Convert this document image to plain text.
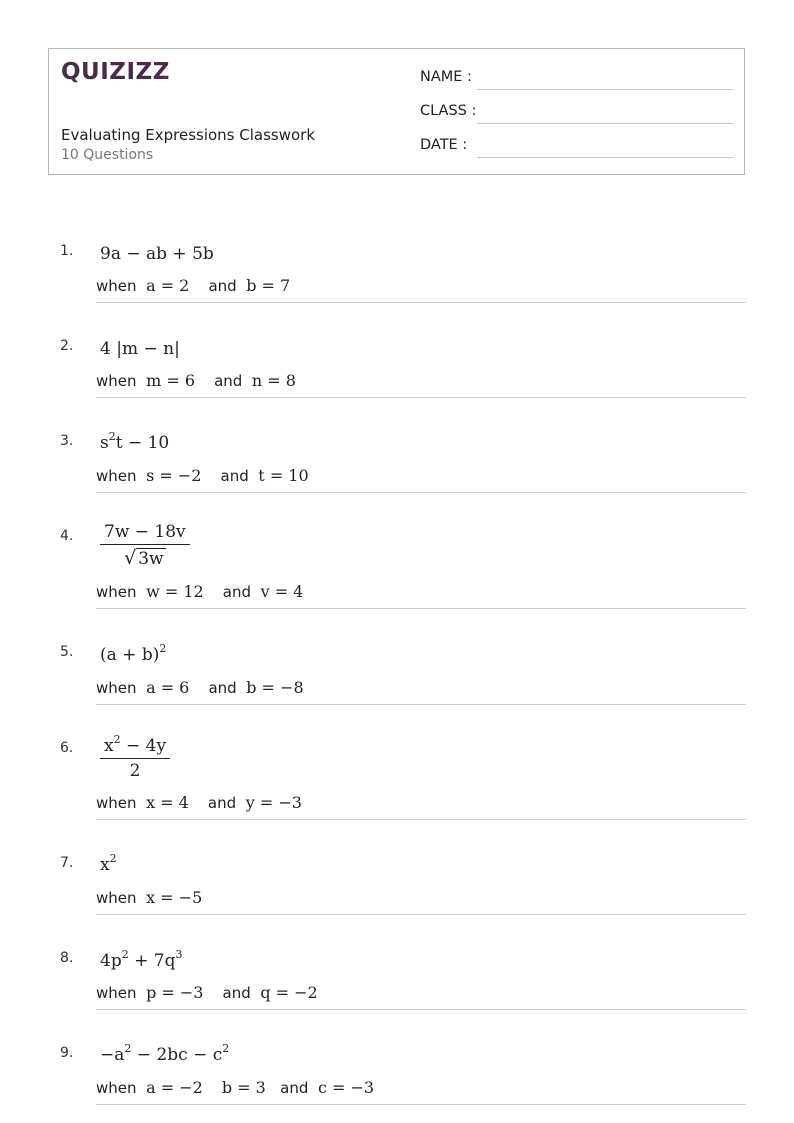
QUIZIZZ
Evaluating Expressions Classwork
10 Questions
NAME :
CLASS :
DATE :
1. 9a − ab + 5b
when a = 2 and b = 7
2. 4 |m − n|
when m = 6 and n = 8
3. $s^2t - 10$
when s = −2 and t = 10
4. $\frac{7w - 18v}{√ 3w}$
when w = 12 and v = 4
5. $(a + b)^2$
when a = 6 and b = −8
6. $\frac{x^2 - 4y}{2}$
when x = 4 and y = −3
7. $x^2$
when x = −5
8. $4p^2 + 7q^3$
when p = −3 and q = −2
9. $-a^2 - 2bc - c^2$
when a = −2 b = 3 and c = −3
